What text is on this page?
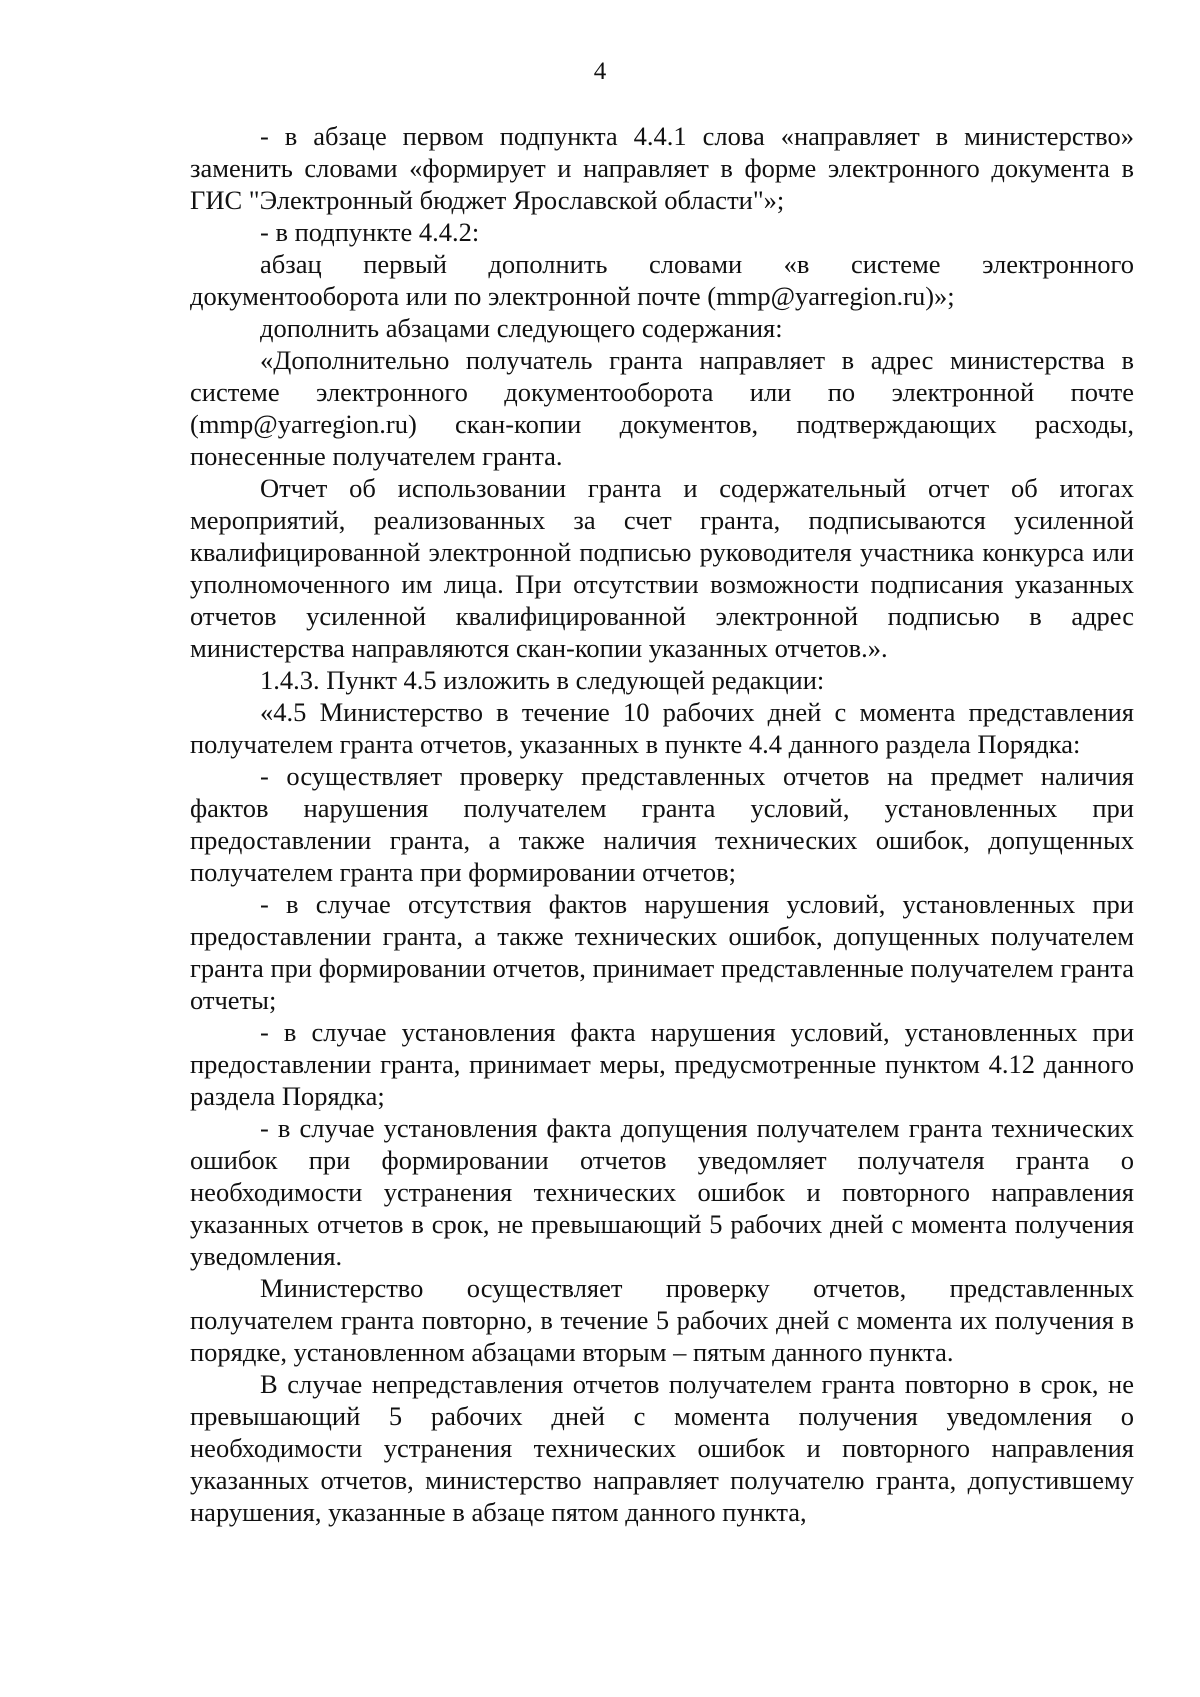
4

- в абзаце первом подпункта 4.4.1 слова «направляет в министерство» заменить словами «формирует и направляет в форме электронного документа в ГИС "Электронный бюджет Ярославской области"»;

- в подпункте 4.4.2:

абзац первый дополнить словами «в системе электронного документооборота или по электронной почте (mmp@yarregion.ru)»;

дополнить абзацами следующего содержания:

«Дополнительно получатель гранта направляет в адрес министерства в системе электронного документооборота или по электронной почте (mmp@yarregion.ru) скан-копии документов, подтверждающих расходы, понесенные получателем гранта.

Отчет об использовании гранта и содержательный отчет об итогах мероприятий, реализованных за счет гранта, подписываются усиленной квалифицированной электронной подписью руководителя участника конкурса или уполномоченного им лица. При отсутствии возможности подписания указанных отчетов усиленной квалифицированной электронной подписью в адрес министерства направляются скан-копии указанных отчетов.».

1.4.3. Пункт 4.5 изложить в следующей редакции:

«4.5 Министерство в течение 10 рабочих дней с момента представления получателем гранта отчетов, указанных в пункте 4.4 данного раздела Порядка:

- осуществляет проверку представленных отчетов на предмет наличия фактов нарушения получателем гранта условий, установленных при предоставлении гранта, а также наличия технических ошибок, допущенных получателем гранта при формировании отчетов;

- в случае отсутствия фактов нарушения условий, установленных при предоставлении гранта, а также технических ошибок, допущенных получателем гранта при формировании отчетов, принимает представленные получателем гранта отчеты;

- в случае установления факта нарушения условий, установленных при предоставлении гранта, принимает меры, предусмотренные пунктом 4.12 данного раздела Порядка;

- в случае установления факта допущения получателем гранта технических ошибок при формировании отчетов уведомляет получателя гранта о необходимости устранения технических ошибок и повторного направления указанных отчетов в срок, не превышающий 5 рабочих дней с момента получения уведомления.

Министерство осуществляет проверку отчетов, представленных получателем гранта повторно, в течение 5 рабочих дней с момента их получения в порядке, установленном абзацами вторым – пятым данного пункта.

В случае непредставления отчетов получателем гранта повторно в срок, не превышающий 5 рабочих дней с момента получения уведомления о необходимости устранения технических ошибок и повторного направления указанных отчетов, министерство направляет получателю гранта, допустившему нарушения, указанные в абзаце пятом данного пункта,
